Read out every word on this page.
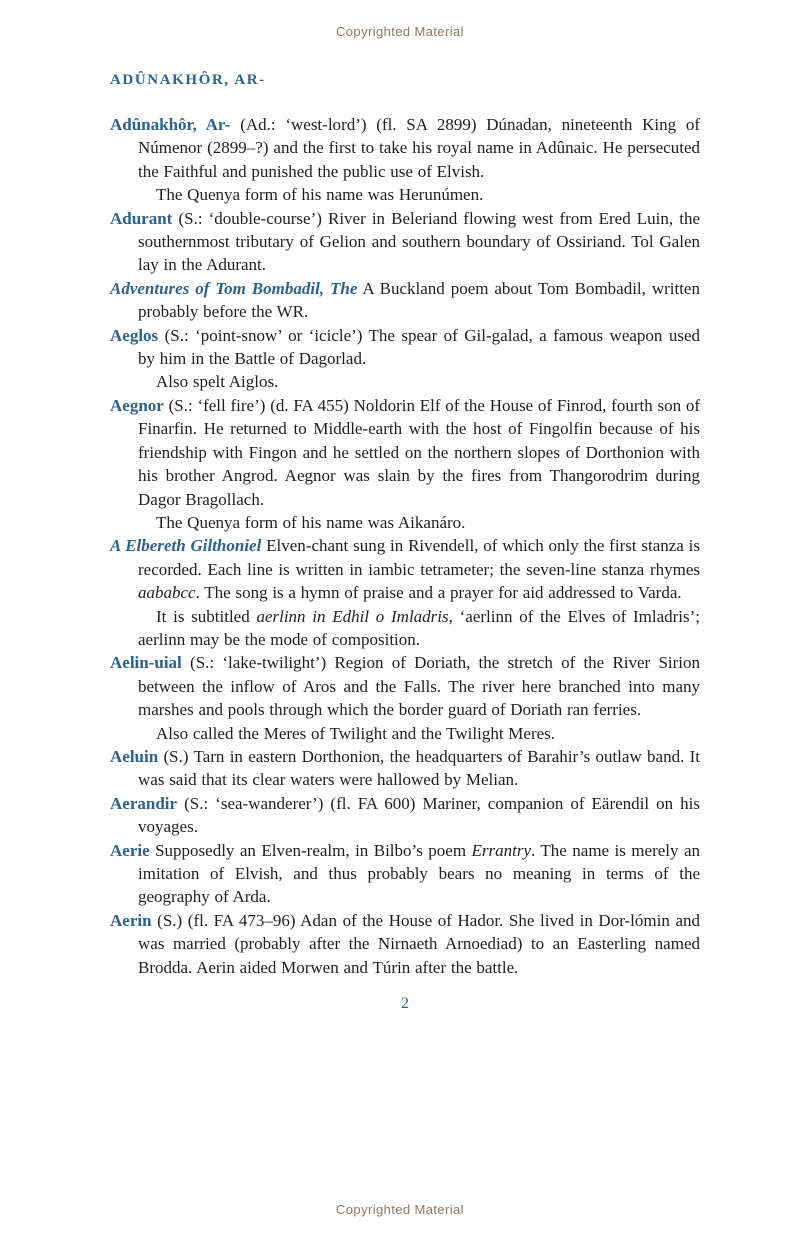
Copyrighted Material
ADÛNAKHÔR, AR-

Adûnakhôr, Ar- (Ad.: ‘west-lord’) (fl. SA 2899) Dúnadan, nineteenth King of Númenor (2899–?) and the first to take his royal name in Adûnaic. He persecuted the Faithful and punished the public use of Elvish.

The Quenya form of his name was Herunúmen.

Adurant (S.: ‘double-course’) River in Beleriand flowing west from Ered Luin, the southernmost tributary of Gelion and southern boundary of Ossiriand. Tol Galen lay in the Adurant.

Adventures of Tom Bombadil, The A Buckland poem about Tom Bombadil, written probably before the WR.

Aeglos (S.: ‘point-snow’ or ‘icicle’) The spear of Gil-galad, a famous weapon used by him in the Battle of Dagorlad.

Also spelt Aiglos.

Aegnor (S.: ‘fell fire’) (d. FA 455) Noldorin Elf of the House of Finrod, fourth son of Finarfin. He returned to Middle-earth with the host of Fingolfin because of his friendship with Fingon and he settled on the northern slopes of Dorthonion with his brother Angrod. Aegnor was slain by the fires from Thangorodrim during Dagor Bragollach.

The Quenya form of his name was Aikanáro.

A Elbereth Gilthoniel Elven-chant sung in Rivendell, of which only the first stanza is recorded. Each line is written in iambic tetrameter; the seven-line stanza rhymes aababcc. The song is a hymn of praise and a prayer for aid addressed to Varda.

It is subtitled aerlinn in Edhil o Imladris, ‘aerlinn of the Elves of Imladris’; aerlinn may be the mode of composition.

Aelin-uial (S.: ‘lake-twilight’) Region of Doriath, the stretch of the River Sirion between the inflow of Aros and the Falls. The river here branched into many marshes and pools through which the border guard of Doriath ran ferries.

Also called the Meres of Twilight and the Twilight Meres.

Aeluin (S.) Tarn in eastern Dorthonion, the headquarters of Barahir’s outlaw band. It was said that its clear waters were hallowed by Melian.

Aerandir (S.: ‘sea-wanderer’) (fl. FA 600) Mariner, companion of Eärendil on his voyages.

Aerie Supposedly an Elven-realm, in Bilbo’s poem Errantry. The name is merely an imitation of Elvish, and thus probably bears no meaning in terms of the geography of Arda.

Aerin (S.) (fl. FA 473–96) Adan of the House of Hador. She lived in Dor-lómin and was married (probably after the Nirnaeth Arnoediad) to an Easterling named Brodda. Aerin aided Morwen and Túrin after the battle.

2
Copyrighted Material
